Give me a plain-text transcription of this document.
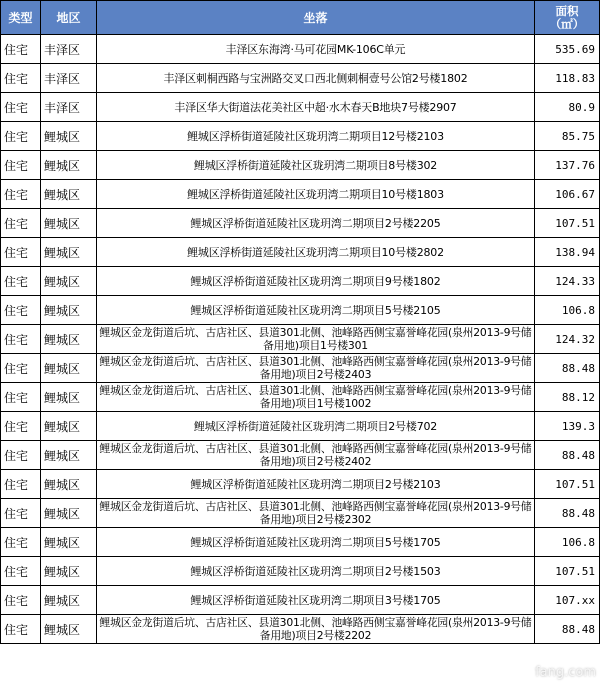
类型	地区	坐落	面积
（㎡）
住宅	丰泽区	丰泽区东海湾·马可花园MK-106C单元	535.69
住宅	丰泽区	丰泽区刺桐西路与宝洲路交叉口西北侧刺桐壹号公馆2号楼1802	118.83
住宅	丰泽区	丰泽区华大街道法花美社区中超·水木春天B地块7号楼2907	80.9
住宅	鲤城区	鲤城区浮桥街道延陵社区珑玥湾二期项目12号楼2103	85.75
住宅	鲤城区	鲤城区浮桥街道延陵社区珑玥湾二期项目8号楼302	137.76
住宅	鲤城区	鲤城区浮桥街道延陵社区珑玥湾二期项目10号楼1803	106.67
住宅	鲤城区	鲤城区浮桥街道延陵社区珑玥湾二期项目2号楼2205	107.51
住宅	鲤城区	鲤城区浮桥街道延陵社区珑玥湾二期项目10号楼2802	138.94
住宅	鲤城区	鲤城区浮桥街道延陵社区珑玥湾二期项目9号楼1802	124.33
住宅	鲤城区	鲤城区浮桥街道延陵社区珑玥湾二期项目5号楼2105	106.8
住宅	鲤城区	鲤城区金龙街道后坑、古店社区、县道301北侧、池峰路西侧宝嘉誉峰花园(泉州2013-9号储备用地)项目1号楼301	124.32
住宅	鲤城区	鲤城区金龙街道后坑、古店社区、县道301北侧、池峰路西侧宝嘉誉峰花园(泉州2013-9号储备用地)项目2号楼2403	88.48
住宅	鲤城区	鲤城区金龙街道后坑、古店社区、县道301北侧、池峰路西侧宝嘉誉峰花园(泉州2013-9号储备用地)项目1号楼1002	88.12
住宅	鲤城区	鲤城区浮桥街道延陵社区珑玥湾二期项目2号楼702	139.3
住宅	鲤城区	鲤城区金龙街道后坑、古店社区、县道301北侧、池峰路西侧宝嘉誉峰花园(泉州2013-9号储备用地)项目2号楼2402	88.48
住宅	鲤城区	鲤城区浮桥街道延陵社区珑玥湾二期项目2号楼2103	107.51
住宅	鲤城区	鲤城区金龙街道后坑、古店社区、县道301北侧、池峰路西侧宝嘉誉峰花园(泉州2013-9号储备用地)项目2号楼2302	88.48
住宅	鲤城区	鲤城区浮桥街道延陵社区珑玥湾二期项目5号楼1705	106.8
住宅	鲤城区	鲤城区浮桥街道延陵社区珑玥湾二期项目2号楼1503	107.51
住宅	鲤城区	鲤城区浮桥街道延陵社区珑玥湾二期项目3号楼1705	107.xx
住宅	鲤城区	鲤城区金龙街道后坑、古店社区、县道301北侧、池峰路西侧宝嘉誉峰花园(泉州2013-9号储备用地)项目2号楼2202	88.48
fang.com
